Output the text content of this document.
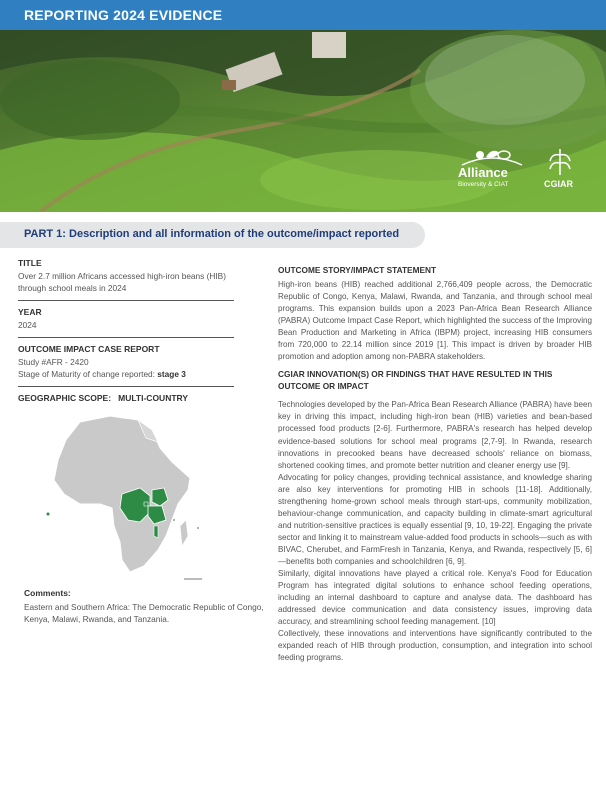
REPORTING 2024 EVIDENCE
Alliance
Bioversity & CIAT	CGIAR
PART 1: Description and all information of the outcome/impact reported
TITLE
Over 2.7 million Africans accessed high-iron beans (HIB) through school meals in 2024
YEAR
2024
OUTCOME IMPACT CASE REPORT
Study #AFR - 2420
Stage of Maturity of change reported: stage 3
GEOGRAPHIC SCOPE: MULTI-COUNTRY
Comments:
Eastern and Southern Africa: The Democratic Republic of Congo, Kenya, Malawi, Rwanda, and Tanzania.
OUTCOME STORY/IMPACT STATEMENT
High-iron beans (HIB) reached additional 2,766,409 people across, the Democratic Republic of Congo, Kenya, Malawi, Rwanda, and Tanzania, and through school meal programs. This expansion builds upon a 2023 Pan-Africa Bean Research Alliance (PABRA) Outcome Impact Case Report, which highlighted the success of the Improving Bean Production and Marketing in Africa (IBPM) project, increasing HIB consumers from 720,000 to 22.14 million since 2019 [1]. This impact is driven by broader HIB promotion and adoption among non-PABRA stakeholders.
CGIAR INNOVATION(S) OR FINDINGS THAT HAVE RESULTED IN THIS OUTCOME OR IMPACT
Technologies developed by the Pan-Africa Bean Research Alliance (PABRA) have been key in driving this impact, including high-iron bean (HIB) varieties and bean-based processed food products [2-6]. Furthermore, PABRA's research has helped develop evidence-based solutions for school meal programs [2,7-9]. In Rwanda, research innovations in precooked beans have decreased schools' reliance on biomass, shortened cooking times, and promote better nutrition and cleaner energy use [9].
Advocating for policy changes, providing technical assistance, and knowledge sharing are also key interventions for promoting HIB in schools [11-18]. Additionally, strengthening home-grown school meals through start-ups, community mobilization, behaviour-change communication, and capacity building in climate-smart agricultural and nutrition-sensitive practices is equally essential [9, 10, 19-22]. Engaging the private sector and linking it to mainstream value-added food products in schools—such as with BIVAC, Cherubet, and FarmFresh in Tanzania, Kenya, and Rwanda, respectively [5, 6]—benefits both companies and schoolchildren [6, 9].
Similarly, digital innovations have played a critical role. Kenya's Food for Education Program has integrated digital solutions to enhance school feeding operations, including an internal dashboard to capture and analyse data. The dashboard has addressed device communication and data consistency issues, improving data accuracy, and streamlining school feeding management. [10]
Collectively, these innovations and interventions have significantly contributed to the expanded reach of HIB through production, consumption, and integration into school feeding programs.
